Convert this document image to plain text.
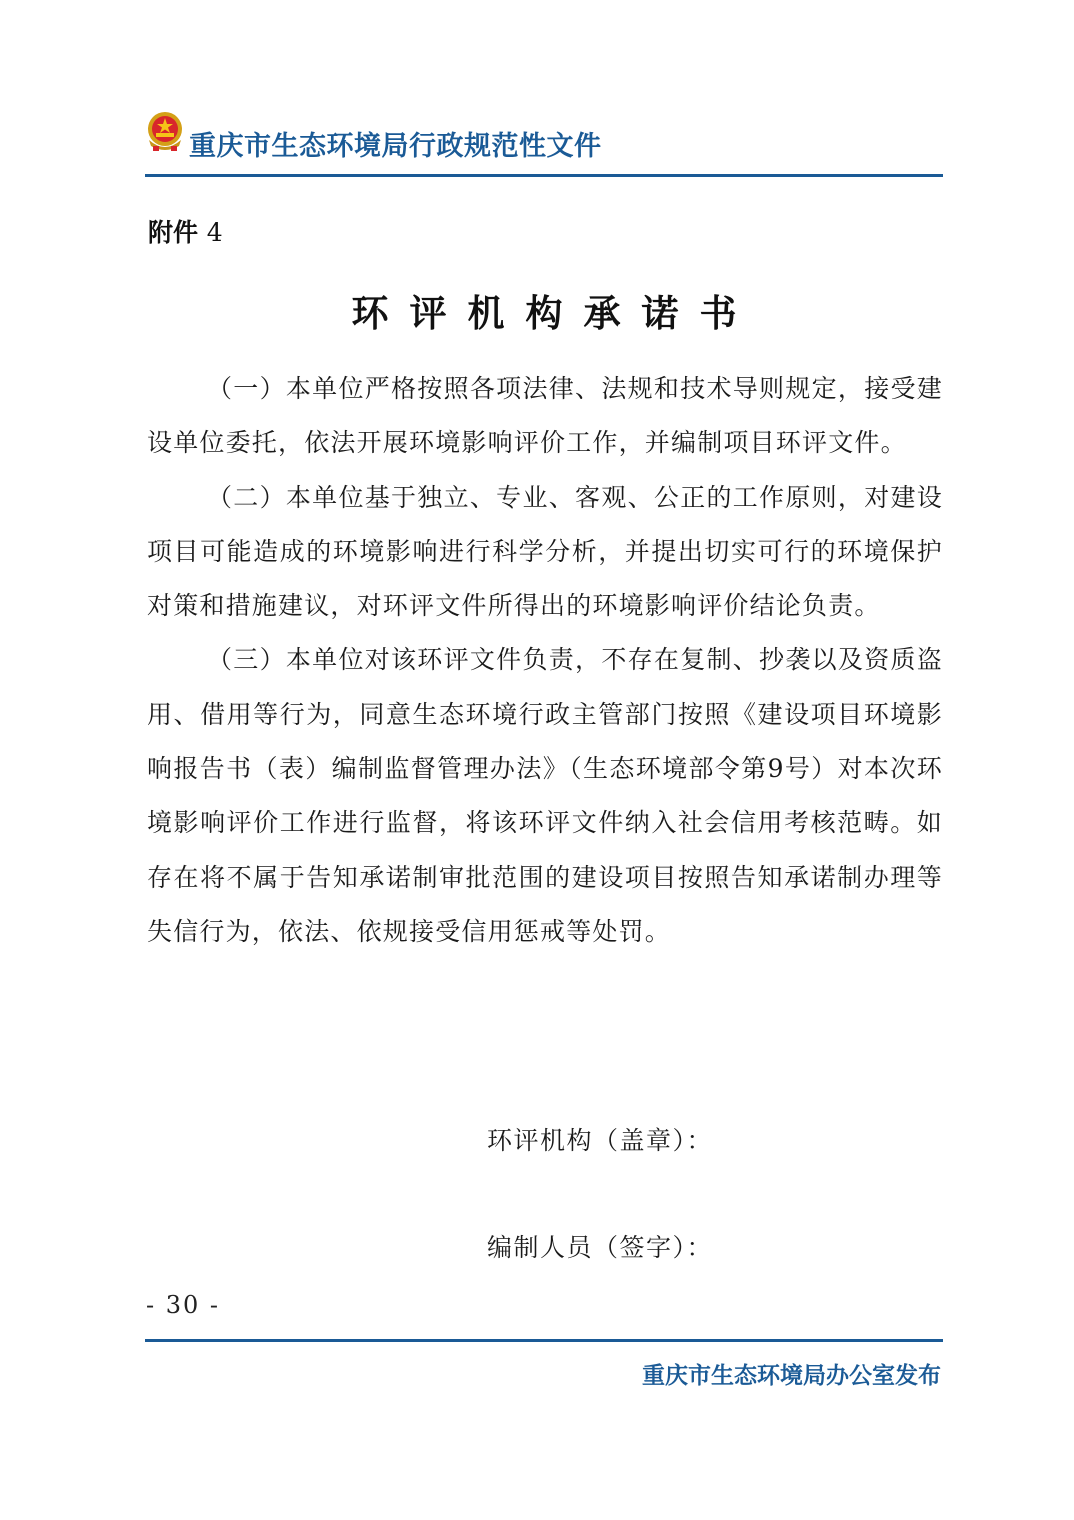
重庆市生态环境局行政规范性文件
附件 4
环评机构承诺书

（一）本单位严格按照各项法律、法规和技术导则规定，接受建设单位委托，依法开展环境影响评价工作，并编制项目环评文件。

（二）本单位基于独立、专业、客观、公正的工作原则，对建设项目可能造成的环境影响进行科学分析，并提出切实可行的环境保护对策和措施建议，对环评文件所得出的环境影响评价结论负责。

（三）本单位对该环评文件负责，不存在复制、抄袭以及资质盗用、借用等行为，同意生态环境行政主管部门按照《建设项目环境影响报告书（表）编制监督管理办法》（生态环境部令第9号）对本次环境影响评价工作进行监督，将该环评文件纳入社会信用考核范畴。如存在将不属于告知承诺制审批范围的建设项目按照告知承诺制办理等失信行为，依法、依规接受信用惩戒等处罚。

环评机构（盖章）：
编制人员（签字）：
- 30 -
重庆市生态环境局办公室发布
